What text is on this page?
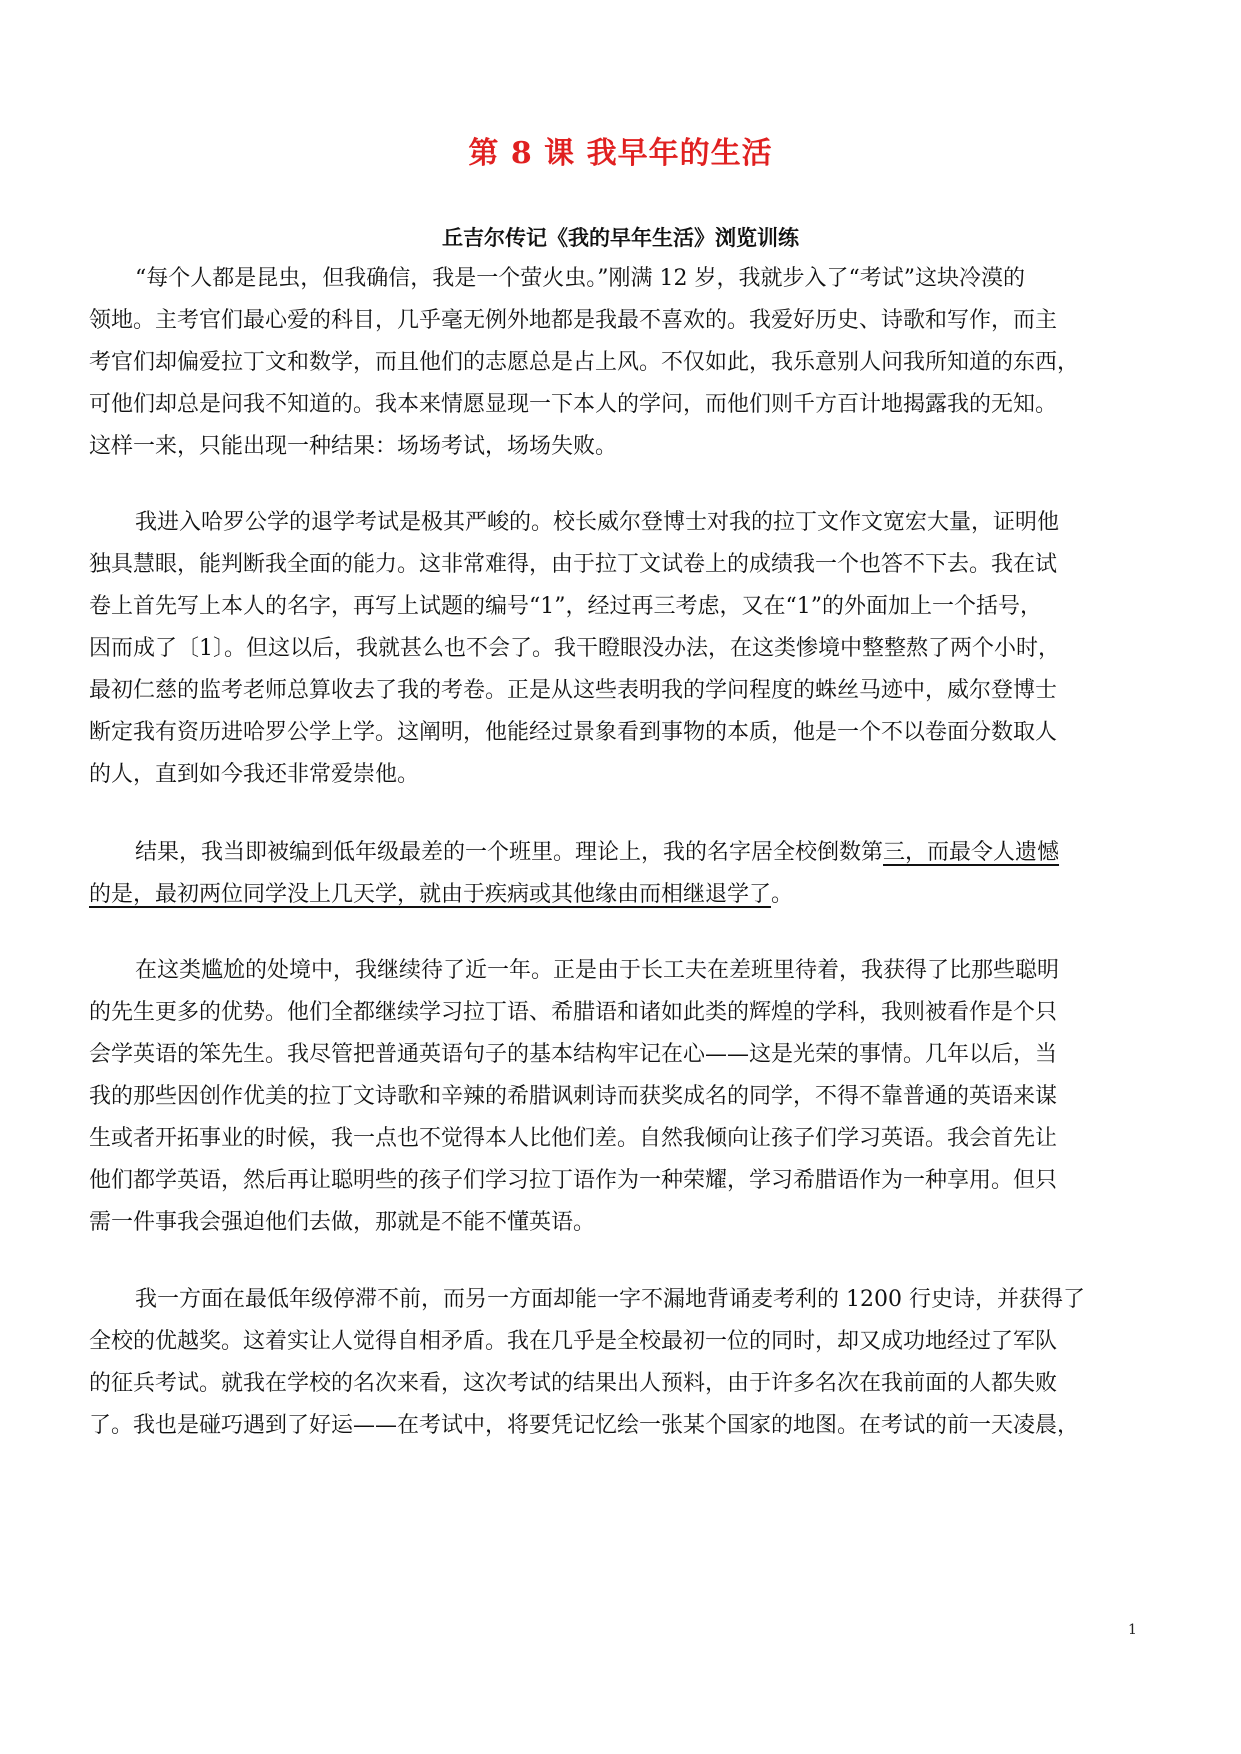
第 8 课 我早年的生活
丘吉尔传记《我的早年生活》浏览训练
“每个人都是昆虫，但我确信，我是一个萤火虫。”刚满 12 岁，我就步入了“考试”这块冷漠的
领地。主考官们最心爱的科目，几乎毫无例外地都是我最不喜欢的。我爱好历史、诗歌和写作，而主
考官们却偏爱拉丁文和数学，而且他们的志愿总是占上风。不仅如此，我乐意别人问我所知道的东西，
可他们却总是问我不知道的。我本来情愿显现一下本人的学问，而他们则千方百计地揭露我的无知。
这样一来，只能出现一种结果：场场考试，场场失败。
我进入哈罗公学的退学考试是极其严峻的。校长威尔登博士对我的拉丁文作文宽宏大量，证明他
独具慧眼，能判断我全面的能力。这非常难得，由于拉丁文试卷上的成绩我一个也答不下去。我在试
卷上首先写上本人的名字，再写上试题的编号“1”，经过再三考虑，又在“1”的外面加上一个括号，
因而成了〔1〕。但这以后，我就甚么也不会了。我干瞪眼没办法，在这类惨境中整整熬了两个小时，
最初仁慈的监考老师总算收去了我的考卷。正是从这些表明我的学问程度的蛛丝马迹中，威尔登博士
断定我有资历进哈罗公学上学。这阐明，他能经过景象看到事物的本质，他是一个不以卷面分数取人
的人，直到如今我还非常爱崇他。
结果，我当即被编到低年级最差的一个班里。理论上，我的名字居全校倒数第三，而最令人遗憾
的是，最初两位同学没上几天学，就由于疾病或其他缘由而相继退学了。
在这类尴尬的处境中，我继续待了近一年。正是由于长工夫在差班里待着，我获得了比那些聪明
的先生更多的优势。他们全都继续学习拉丁语、希腊语和诸如此类的辉煌的学科，我则被看作是个只
会学英语的笨先生。我尽管把普通英语句子的基本结构牢记在心——这是光荣的事情。几年以后，当
我的那些因创作优美的拉丁文诗歌和辛辣的希腊讽刺诗而获奖成名的同学，不得不靠普通的英语来谋
生或者开拓事业的时候，我一点也不觉得本人比他们差。自然我倾向让孩子们学习英语。我会首先让
他们都学英语，然后再让聪明些的孩子们学习拉丁语作为一种荣耀，学习希腊语作为一种享用。但只
需一件事我会强迫他们去做，那就是不能不懂英语。
我一方面在最低年级停滞不前，而另一方面却能一字不漏地背诵麦考利的 1200 行史诗，并获得了
全校的优越奖。这着实让人觉得自相矛盾。我在几乎是全校最初一位的同时，却又成功地经过了军队
的征兵考试。就我在学校的名次来看，这次考试的结果出人预料，由于许多名次在我前面的人都失败
了。我也是碰巧遇到了好运——在考试中，将要凭记忆绘一张某个国家的地图。在考试的前一天凌晨，
1
